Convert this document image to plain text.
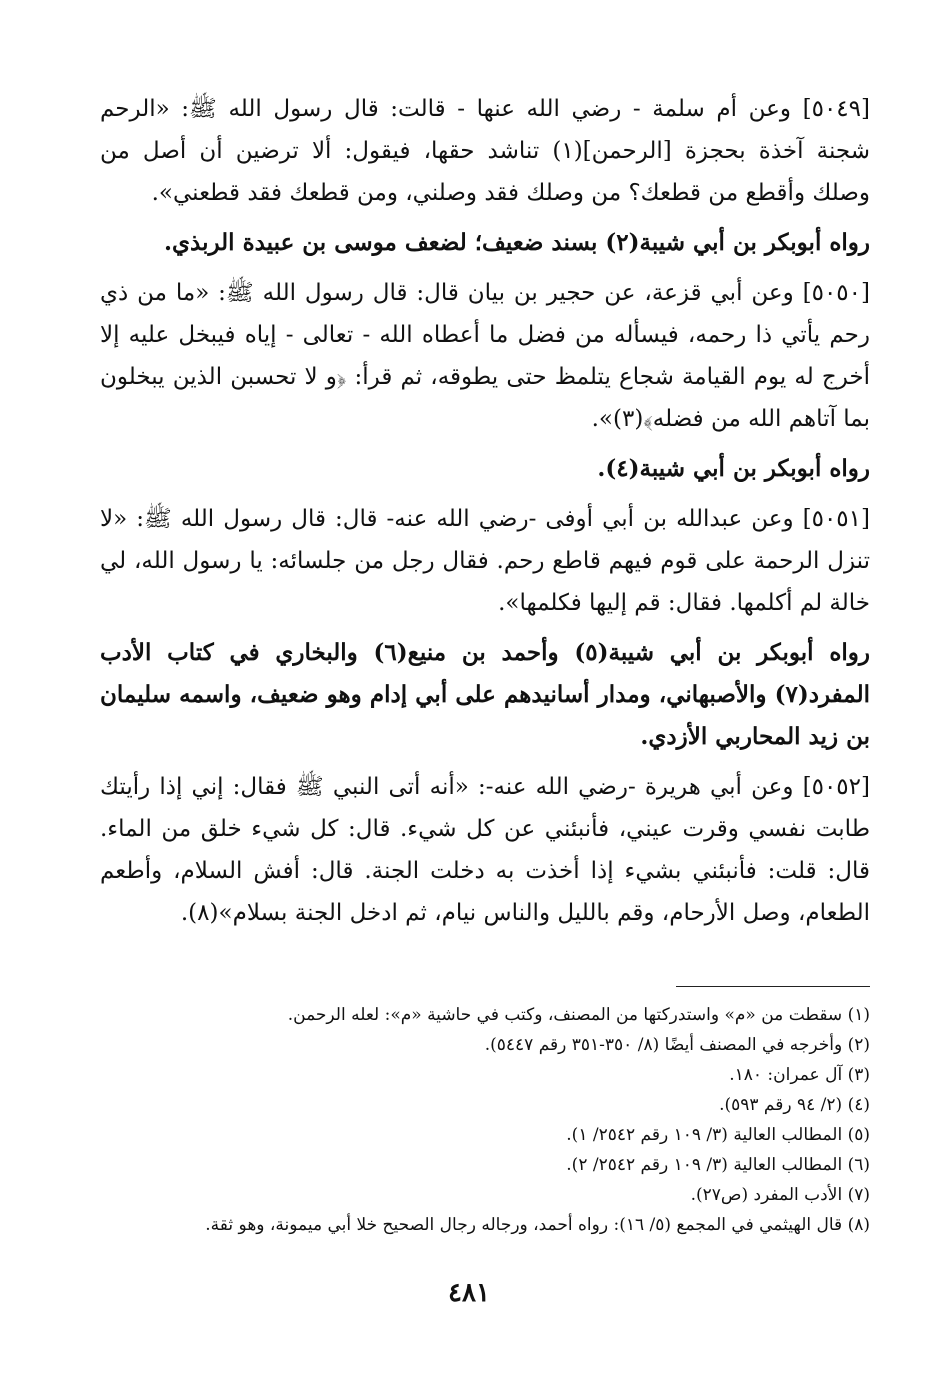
[٥٠٤٩] وعن أم سلمة - رضي الله عنها - قالت: قال رسول الله ﷺ: «الرحم شجنة آخذة بحجزة [الرحمن](١) تناشد حقها، فيقول: ألا ترضين أن أصل من وصلك وأقطع من قطعك؟ من وصلك فقد وصلني، ومن قطعك فقد قطعني».

رواه أبوبكر بن أبي شيبة(٢) بسند ضعيف؛ لضعف موسى بن عبيدة الربذي.

[٥٠٥٠] وعن أبي قزعة، عن حجير بن بيان قال: قال رسول الله ﷺ: «ما من ذي رحم يأتي ذا رحمه، فيسأله من فضل ما أعطاه الله - تعالى - إياه فيبخل عليه إلا أخرج له يوم القيامة شجاع يتلمظ حتى يطوقه، ثم قرأ: ﴿و لا تحسبن الذين يبخلون بما آتاهم الله من فضله﴾(٣)».

رواه أبوبكر بن أبي شيبة(٤).

[٥٠٥١] وعن عبدالله بن أبي أوفى -رضي الله عنه- قال: قال رسول الله ﷺ: «لا تنزل الرحمة على قوم فيهم قاطع رحم. فقال رجل من جلسائه: يا رسول الله، لي خالة لم أكلمها. فقال: قم إليها فكلمها».

رواه أبوبكر بن أبي شيبة(٥) وأحمد بن منيع(٦) والبخاري في كتاب الأدب المفرد(٧) والأصبهاني، ومدار أسانيدهم على أبي إدام وهو ضعيف، واسمه سليمان بن زيد المحاربي الأزدي.

[٥٠٥٢] وعن أبي هريرة -رضي الله عنه-: «أنه أتى النبي ﷺ فقال: إني إذا رأيتك طابت نفسي وقرت عيني، فأنبئني عن كل شيء. قال: كل شيء خلق من الماء. قال: قلت: فأنبئني بشيء إذا أخذت به دخلت الجنة. قال: أفش السلام، وأطعم الطعام، وصل الأرحام، وقم بالليل والناس نيام، ثم ادخل الجنة بسلام»(٨).

(١) سقطت من «م» واستدركتها من المصنف، وكتب في حاشية «م»: لعله الرحمن.
(٢) وأخرجه في المصنف أيضًا (٨/ ٣٥٠-٣٥١ رقم ٥٤٤٧).
(٣) آل عمران: ١٨٠.
(٤) (٢/ ٩٤ رقم ٥٩٣).
(٥) المطالب العالية (٣/ ١٠٩ رقم ٢٥٤٢/ ١).
(٦) المطالب العالية (٣/ ١٠٩ رقم ٢٥٤٢/ ٢).
(٧) الأدب المفرد (ص٢٧).
(٨) قال الهيثمي في المجمع (٥/ ١٦): رواه أحمد، ورجاله رجال الصحيح خلا أبي ميمونة، وهو ثقة.
٤٨١
